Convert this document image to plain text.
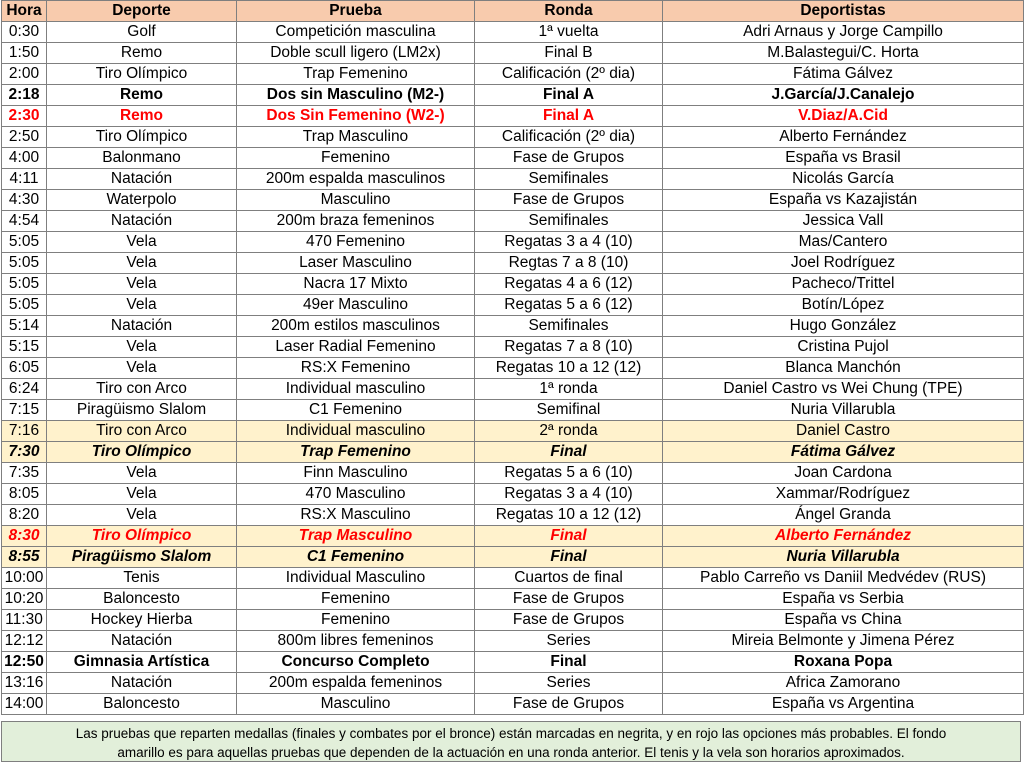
Hora	Deporte	Prueba	Ronda	Deportistas
0:30	Golf	Competición masculina	1ª vuelta	Adri Arnaus y Jorge Campillo
1:50	Remo	Doble scull ligero (LM2x)	Final B	M.Balastegui/C. Horta
2:00	Tiro Olímpico	Trap Femenino	Calificación (2º dia)	Fátima Gálvez
2:18	Remo	Dos sin Masculino (M2-)	Final A	J.García/J.Canalejo
2:30	Remo	Dos Sin Femenino (W2-)	Final A	V.Diaz/A.Cid
2:50	Tiro Olímpico	Trap Masculino	Calificación (2º dia)	Alberto Fernández
4:00	Balonmano	Femenino	Fase de Grupos	España vs Brasil
4:11	Natación	200m espalda masculinos	Semifinales	Nicolás García
4:30	Waterpolo	Masculino	Fase de Grupos	España vs Kazajistán
4:54	Natación	200m braza femeninos	Semifinales	Jessica Vall
5:05	Vela	470 Femenino	Regatas 3 a 4 (10)	Mas/Cantero
5:05	Vela	Laser Masculino	Regtas 7 a 8 (10)	Joel Rodríguez
5:05	Vela	Nacra 17 Mixto	Regatas 4 a 6 (12)	Pacheco/Trittel
5:05	Vela	49er Masculino	Regatas 5 a 6 (12)	Botín/López
5:14	Natación	200m estilos masculinos	Semifinales	Hugo González
5:15	Vela	Laser Radial Femenino	Regatas 7 a 8 (10)	Cristina Pujol
6:05	Vela	RS:X Femenino	Regatas 10 a 12 (12)	Blanca Manchón
6:24	Tiro con Arco	Individual masculino	1ª ronda	Daniel Castro vs Wei Chung (TPE)
7:15	Piragüismo Slalom	C1 Femenino	Semifinal	Nuria Villarubla
7:16	Tiro con Arco	Individual masculino	2ª ronda	Daniel Castro
7:30	Tiro Olímpico	Trap Femenino	Final	Fátima Gálvez
7:35	Vela	Finn Masculino	Regatas 5 a 6 (10)	Joan Cardona
8:05	Vela	470 Masculino	Regatas 3 a 4 (10)	Xammar/Rodríguez
8:20	Vela	RS:X Masculino	Regatas 10 a 12 (12)	Ángel Granda
8:30	Tiro Olímpico	Trap Masculino	Final	Alberto Fernández
8:55	Piragüismo Slalom	C1 Femenino	Final	Nuria Villarubla
10:00	Tenis	Individual Masculino	Cuartos de final	Pablo Carreño vs Daniil Medvédev (RUS)
10:20	Baloncesto	Femenino	Fase de Grupos	España vs Serbia
11:30	Hockey Hierba	Femenino	Fase de Grupos	España vs China
12:12	Natación	800m libres femeninos	Series	Mireia Belmonte y Jimena Pérez
12:50	Gimnasia Artística	Concurso Completo	Final	Roxana Popa
13:16	Natación	200m espalda femeninos	Series	Africa Zamorano
14:00	Baloncesto	Masculino	Fase de Grupos	España vs Argentina
Las pruebas que reparten medallas (finales y combates por el bronce) están marcadas en negrita, y en rojo las opciones más probables. El fondo
amarillo es para aquellas pruebas que dependen de la actuación en una ronda anterior. El tenis y la vela son horarios aproximados.
